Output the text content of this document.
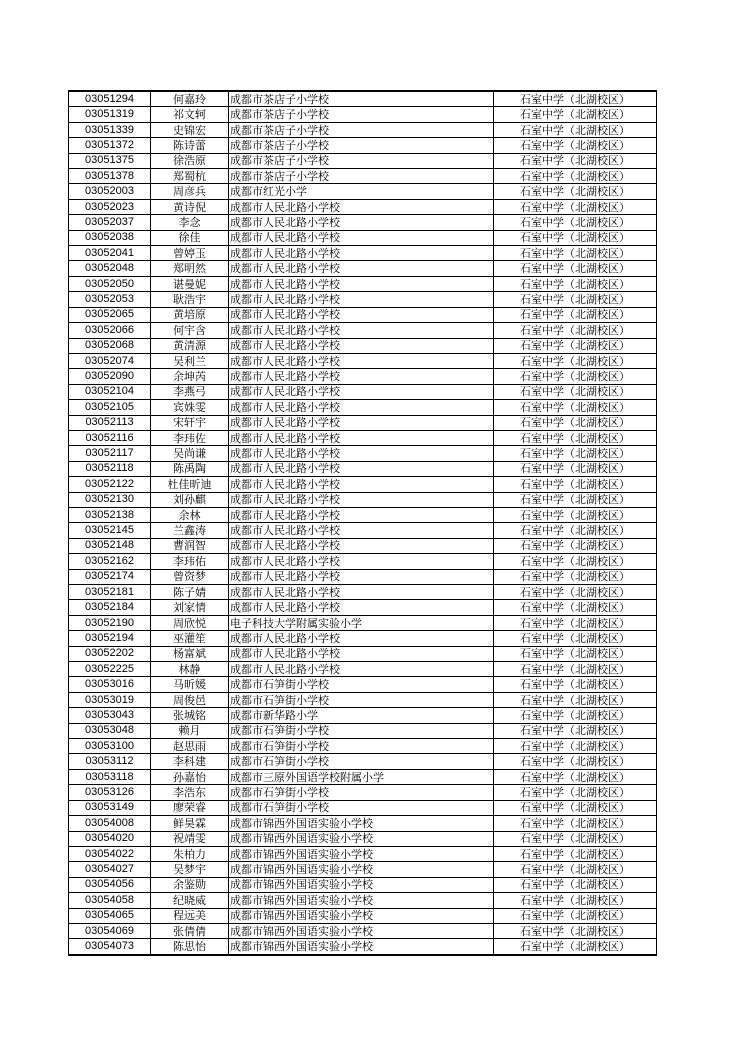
03051294	何嘉玲	成都市茶店子小学校	石室中学（北湖校区）
03051319	祁文轲	成都市茶店子小学校	石室中学（北湖校区）
03051339	史锦宏	成都市茶店子小学校	石室中学（北湖校区）
03051372	陈诗蕾	成都市茶店子小学校	石室中学（北湖校区）
03051375	徐浩原	成都市茶店子小学校	石室中学（北湖校区）
03051378	郑蜀杭	成都市茶店子小学校	石室中学（北湖校区）
03052003	周彦兵	成都市红光小学	石室中学（北湖校区）
03052023	黄诗倪	成都市人民北路小学校	石室中学（北湖校区）
03052037	李念	成都市人民北路小学校	石室中学（北湖校区）
03052038	徐佳	成都市人民北路小学校	石室中学（北湖校区）
03052041	曾婷玉	成都市人民北路小学校	石室中学（北湖校区）
03052048	郑明然	成都市人民北路小学校	石室中学（北湖校区）
03052050	谌曼妮	成都市人民北路小学校	石室中学（北湖校区）
03052053	耿浩宇	成都市人民北路小学校	石室中学（北湖校区）
03052065	黄培原	成都市人民北路小学校	石室中学（北湖校区）
03052066	何宇含	成都市人民北路小学校	石室中学（北湖校区）
03052068	黄清源	成都市人民北路小学校	石室中学（北湖校区）
03052074	吴利兰	成都市人民北路小学校	石室中学（北湖校区）
03052090	余坤芮	成都市人民北路小学校	石室中学（北湖校区）
03052104	李燕弓	成都市人民北路小学校	石室中学（北湖校区）
03052105	宾姝雯	成都市人民北路小学校	石室中学（北湖校区）
03052113	宋轩宇	成都市人民北路小学校	石室中学（北湖校区）
03052116	李玮佐	成都市人民北路小学校	石室中学（北湖校区）
03052117	吴尚谦	成都市人民北路小学校	石室中学（北湖校区）
03052118	陈禹陶	成都市人民北路小学校	石室中学（北湖校区）
03052122	杜佳昕迪	成都市人民北路小学校	石室中学（北湖校区）
03052130	刘孙麒	成都市人民北路小学校	石室中学（北湖校区）
03052138	余林	成都市人民北路小学校	石室中学（北湖校区）
03052145	兰鑫涛	成都市人民北路小学校	石室中学（北湖校区）
03052148	曹润智	成都市人民北路小学校	石室中学（北湖校区）
03052162	李玮佑	成都市人民北路小学校	石室中学（北湖校区）
03052174	曾资梦	成都市人民北路小学校	石室中学（北湖校区）
03052181	陈子婧	成都市人民北路小学校	石室中学（北湖校区）
03052184	刘家情	成都市人民北路小学校	石室中学（北湖校区）
03052190	周欣悦	电子科技大学附属实验小学	石室中学（北湖校区）
03052194	巫灌笙	成都市人民北路小学校	石室中学（北湖校区）
03052202	杨富斌	成都市人民北路小学校	石室中学（北湖校区）
03052225	林静	成都市人民北路小学校	石室中学（北湖校区）
03053016	马昕媛	成都市石笋街小学校	石室中学（北湖校区）
03053019	周俊邑	成都市石笋街小学校	石室中学（北湖校区）
03053043	张城铭	成都市新华路小学	石室中学（北湖校区）
03053048	赖月	成都市石笋街小学校	石室中学（北湖校区）
03053100	赵思雨	成都市石笋街小学校	石室中学（北湖校区）
03053112	李科建	成都市石笋街小学校	石室中学（北湖校区）
03053118	孙嘉怡	成都市三原外国语学校附属小学	石室中学（北湖校区）
03053126	李浩东	成都市石笋街小学校	石室中学（北湖校区）
03053149	廖荣睿	成都市石笋街小学校	石室中学（北湖校区）
03054008	鲜昊霖	成都市锦西外国语实验小学校	石室中学（北湖校区）
03054020	祝靖雯	成都市锦西外国语实验小学校	石室中学（北湖校区）
03054022	朱柏力	成都市锦西外国语实验小学校	石室中学（北湖校区）
03054027	吴梦宇	成都市锦西外国语实验小学校	石室中学（北湖校区）
03054056	余鉴勋	成都市锦西外国语实验小学校	石室中学（北湖校区）
03054058	纪晓威	成都市锦西外国语实验小学校	石室中学（北湖校区）
03054065	程远美	成都市锦西外国语实验小学校	石室中学（北湖校区）
03054069	张倩倩	成都市锦西外国语实验小学校	石室中学（北湖校区）
03054073	陈思怡	成都市锦西外国语实验小学校	石室中学（北湖校区）
